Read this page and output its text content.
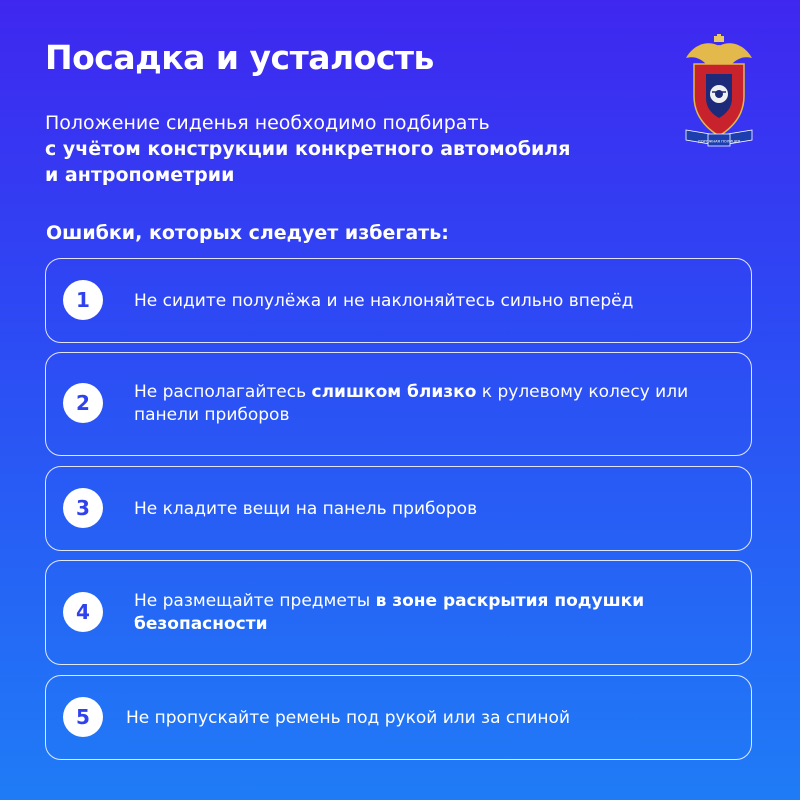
Посадка и усталость
Положение сиденья необходимо подбирать
с учётом конструкции конкретного автомобиля
и антропометрии
ДОРОЖНАЯ ПОЛИЦИЯ
Ошибки, которых следует избегать:
1	Не сидите полулёжа и не наклоняйтесь сильно вперёд
2	Не располагайтесь слишком близко к рулевому колесу или панели приборов
3	Не кладите вещи на панель приборов
4	Не размещайте предметы в зоне раскрытия подушки безопасности
5	Не пропускайте ремень под рукой или за спиной
